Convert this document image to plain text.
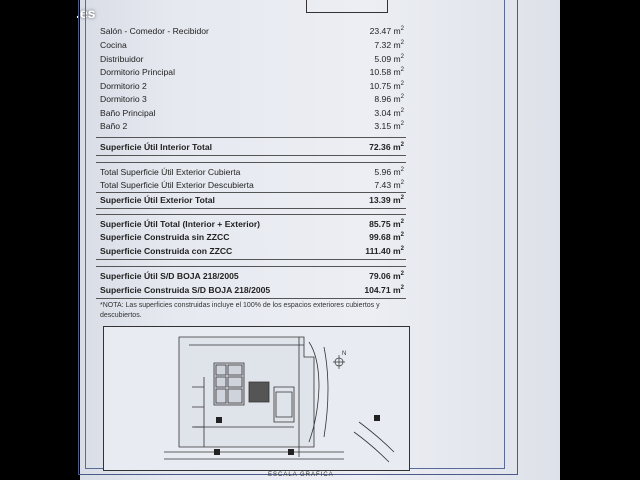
.es
Salón - Comedor - Recibidor	23.47 $m^2$
Cocina	7.32 $m^2$
Distribuidor	5.09 $m^2$
Dormitorio Principal	10.58 $m^2$
Dormitorio 2	10.75 $m^2$
Dormitorio 3	8.96 $m^2$
Baño Principal	3.04 $m^2$
Baño 2	3.15 $m^2$
Superficie Útil Interior Total	72.36 $m^2$
Total Superficie Útil Exterior Cubierta	5.96 $m^2$
Total Superficie Útil Exterior Descubierta	7.43 $m^2$
Superficie Útil Exterior Total	13.39 $m^2$
Superficie Útil Total (Interior + Exterior)	85.75 $m^2$
Superficie Construida sin ZZCC	99.68 $m^2$
Superficie Construida con ZZCC	111.40 $m^2$
Superficie Útil S/D BOJA 218/2005	79.06 $m^2$
Superficie Construida S/D BOJA 218/2005	104.71 $m^2$
*NOTA: Las superficies construidas incluye el 100% de los espacios exteriores cubiertos y descubiertos.
N
ESCALA GRAFICA
